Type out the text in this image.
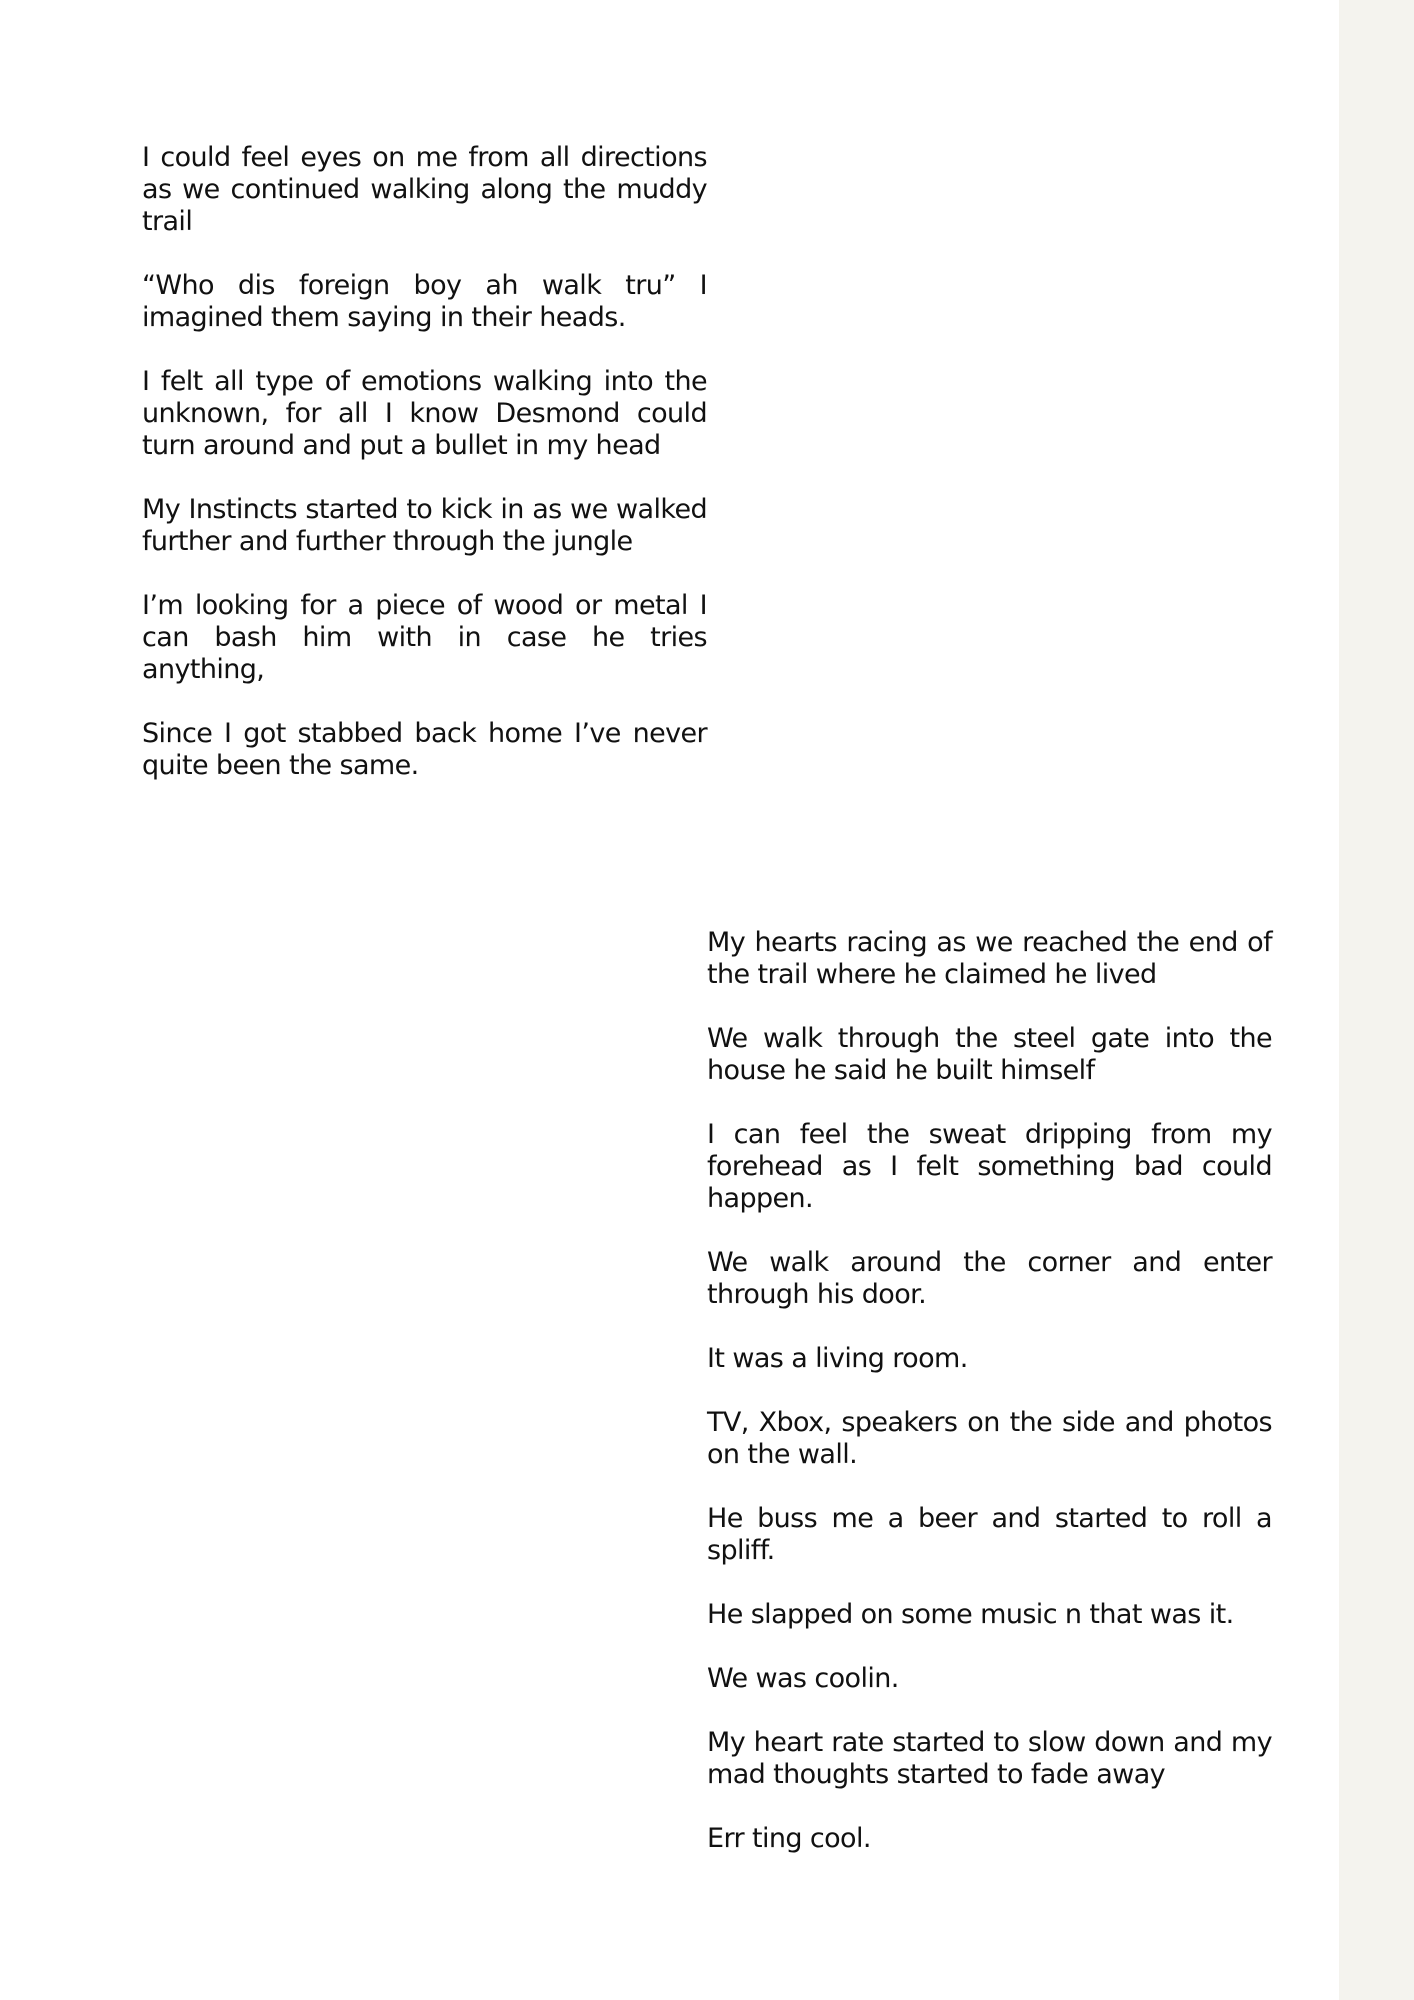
I could feel eyes on me from all directions as we continued walking along the muddy trail

“Who dis foreign boy ah walk tru” I imagined them saying in their heads.

I felt all type of emotions walking into the unknown, for all I know Desmond could turn around and put a bullet in my head

My Instincts started to kick in as we walked further and further through the jungle

I’m looking for a piece of wood or metal I can bash him with in case he tries anything,

Since I got stabbed back home I’ve never quite been the same.

My hearts racing as we reached the end of the trail where he claimed he lived

We walk through the steel gate into the house he said he built himself

I can feel the sweat dripping from my forehead as I felt something bad could happen.

We walk around the corner and enter through his door.

It was a living room.

TV, Xbox, speakers on the side and photos on the wall.

He buss me a beer and started to roll a spliff.

He slapped on some music n that was it.

We was coolin.

My heart rate started to slow down and my mad thoughts started to fade away

Err ting cool.
